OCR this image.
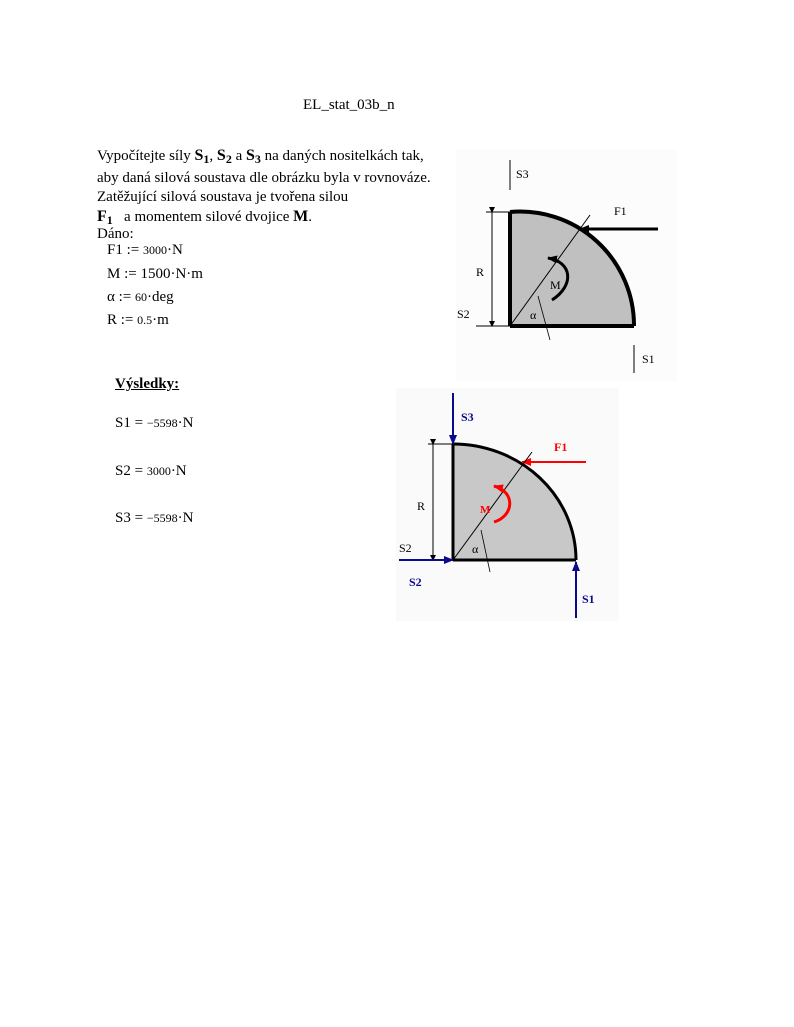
EL_stat_03b_n
Vypočítejte síly $S_1$, $S_2$ a $S_3$ na daných nositelkách tak, aby daná silová soustava dle obrázku byla v rovnováze. Zatěžující silová soustava je tvořena silou
$F_1$   a momentem silové dvojice M.
Dáno:
F1 := 3000·N
M := 1500·N·m
α := 60·deg
R := 0.5·m
Výsledky:
S1 = −5598·N
S2 = 3000·N
S3 = −5598·N
S3
F1
α
M
R
S2
S1
S3
F1
α
M
R
S2
S2
S1
